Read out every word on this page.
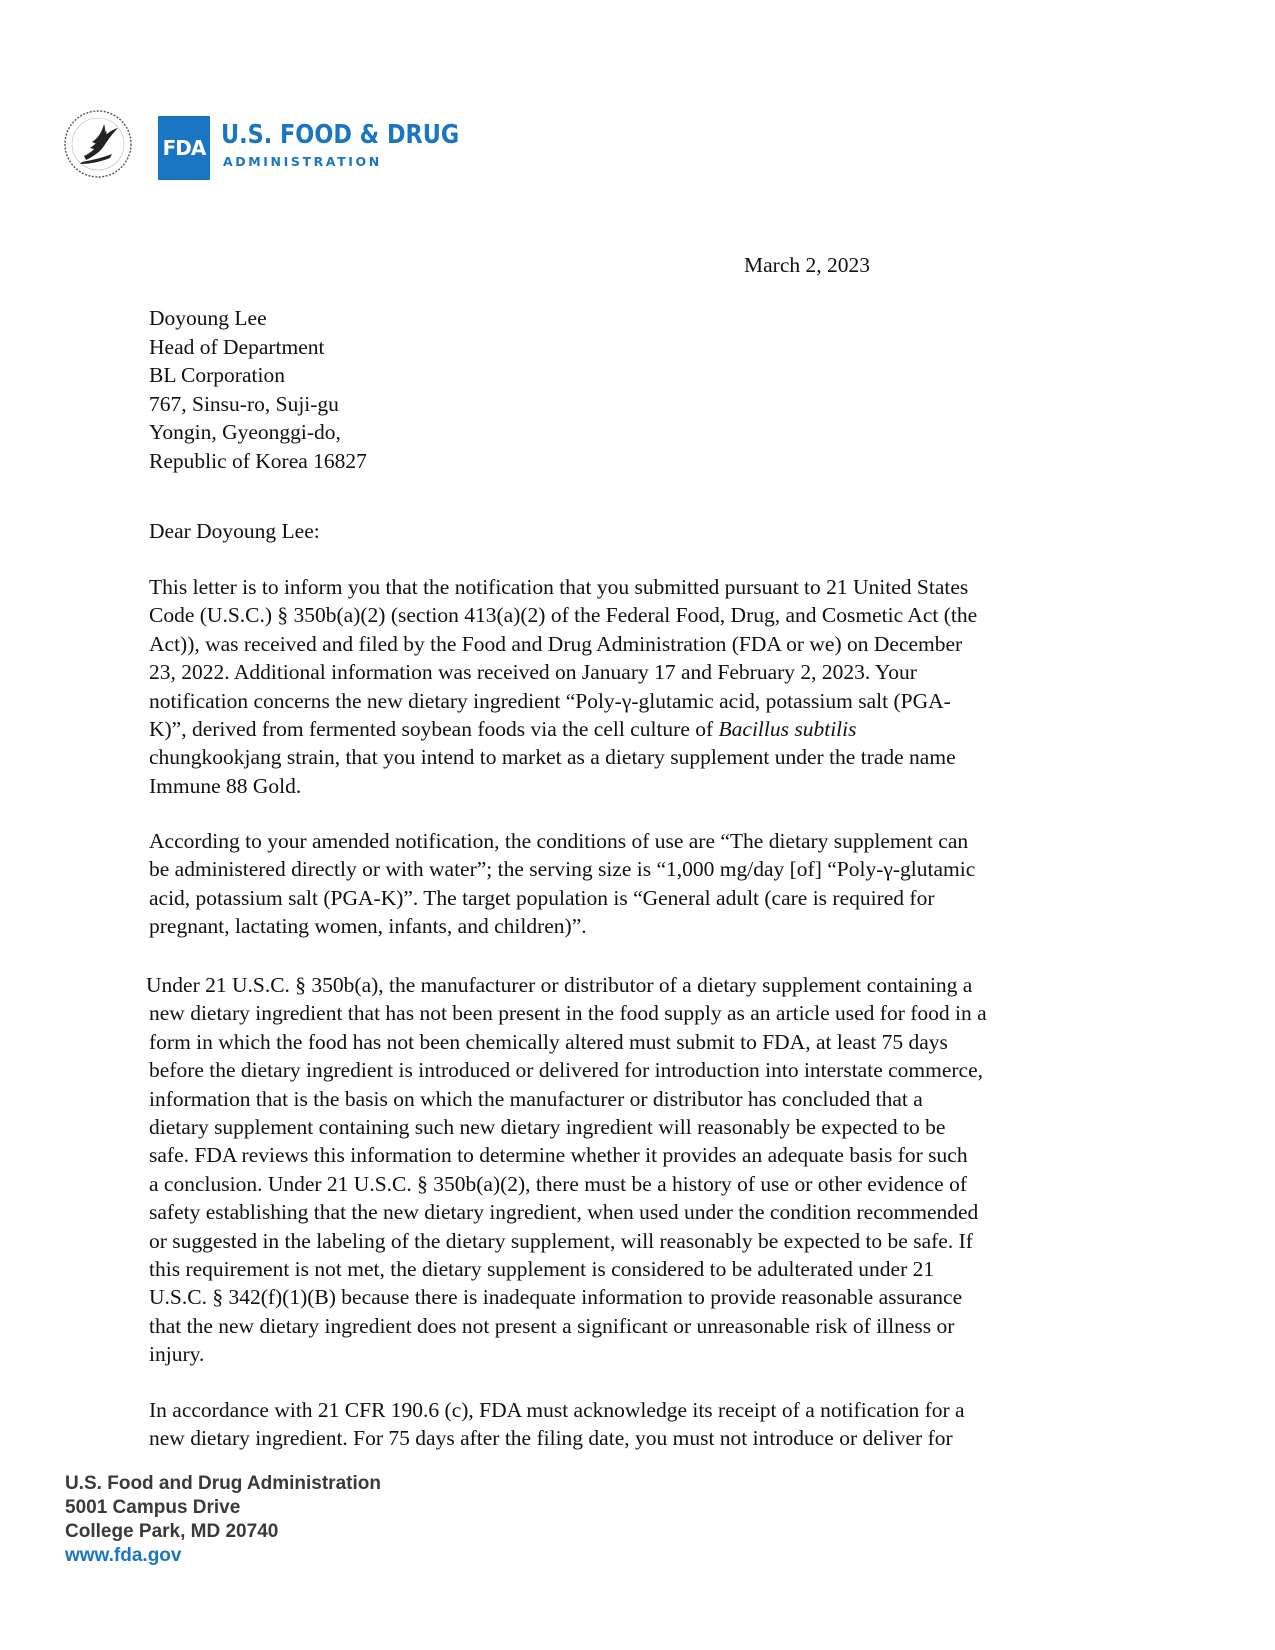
FDA U.S. FOOD & DRUG
ADMINISTRATION
March 2, 2023
Doyoung Lee
Head of Department
BL Corporation
767, Sinsu-ro, Suji-gu
Yongin, Gyeonggi-do,
Republic of Korea 16827
Dear Doyoung Lee:
This letter is to inform you that the notification that you submitted pursuant to 21 United States
Code (U.S.C.) § 350b(a)(2) (section 413(a)(2) of the Federal Food, Drug, and Cosmetic Act (the
Act)), was received and filed by the Food and Drug Administration (FDA or we) on December
23, 2022. Additional information was received on January 17 and February 2, 2023. Your
notification concerns the new dietary ingredient “Poly-γ-glutamic acid, potassium salt (PGA-
K)”, derived from fermented soybean foods via the cell culture of Bacillus subtilis
chungkookjang strain, that you intend to market as a dietary supplement under the trade name
Immune 88 Gold.
According to your amended notification, the conditions of use are “The dietary supplement can
be administered directly or with water”; the serving size is “1,000 mg/day [of] “Poly-γ-glutamic
acid, potassium salt (PGA-K)”. The target population is “General adult (care is required for
pregnant, lactating women, infants, and children)”.
Under 21 U.S.C. § 350b(a), the manufacturer or distributor of a dietary supplement containing a
new dietary ingredient that has not been present in the food supply as an article used for food in a
form in which the food has not been chemically altered must submit to FDA, at least 75 days
before the dietary ingredient is introduced or delivered for introduction into interstate commerce,
information that is the basis on which the manufacturer or distributor has concluded that a
dietary supplement containing such new dietary ingredient will reasonably be expected to be
safe. FDA reviews this information to determine whether it provides an adequate basis for such
a conclusion. Under 21 U.S.C. § 350b(a)(2), there must be a history of use or other evidence of
safety establishing that the new dietary ingredient, when used under the condition recommended
or suggested in the labeling of the dietary supplement, will reasonably be expected to be safe. If
this requirement is not met, the dietary supplement is considered to be adulterated under 21
U.S.C. § 342(f)(1)(B) because there is inadequate information to provide reasonable assurance
that the new dietary ingredient does not present a significant or unreasonable risk of illness or
injury.
In accordance with 21 CFR 190.6 (c), FDA must acknowledge its receipt of a notification for a
new dietary ingredient. For 75 days after the filing date, you must not introduce or deliver for
U.S. Food and Drug Administration
5001 Campus Drive
College Park, MD 20740
www.fda.gov
